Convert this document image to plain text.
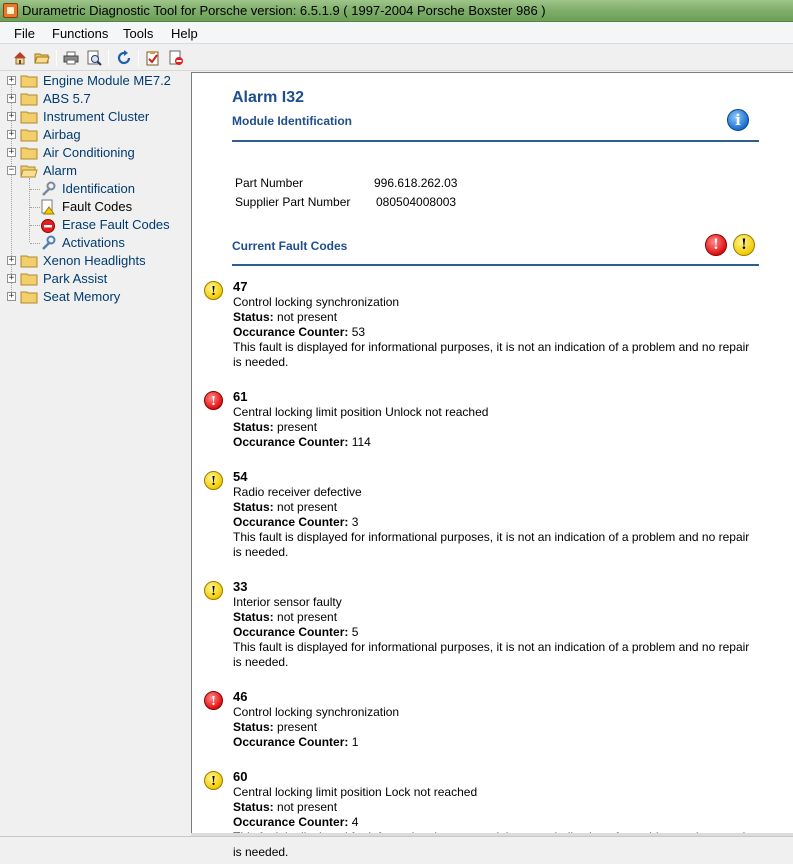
Durametric Diagnostic Tool for Porsche version: 6.5.1.9 ( 1997-2004 Porsche Boxster 986 )
File Functions Tools Help
+ Engine Module ME7.2
+ ABS 5.7
+ Instrument Cluster
+ Airbag
+ Air Conditioning
− Alarm
Identification
Fault Codes
Erase Fault Codes
Activations
+ Xenon Headlights
+ Park Assist
+ Seat Memory
Alarm I32
Module Identification	i
Part Number	996.618.262.03
Supplier Part Number 080504008003
Current Fault Codes	!	!
!	47
Control locking synchronization
Status: not present
Occurance Counter: 53
This fault is displayed for informational purposes, it is not an indication of a problem and no repair is needed.
!	61
Central locking limit position Unlock not reached
Status: present
Occurance Counter: 114
!	54
Radio receiver defective
Status: not present
Occurance Counter: 3
This fault is displayed for informational purposes, it is not an indication of a problem and no repair is needed.
!	33
Interior sensor faulty
Status: not present
Occurance Counter: 5
This fault is displayed for informational purposes, it is not an indication of a problem and no repair is needed.
!	46
Control locking synchronization
Status: present
Occurance Counter: 1
!	60
Central locking limit position Lock not reached
Status: not present
Occurance Counter: 4
is needed.
